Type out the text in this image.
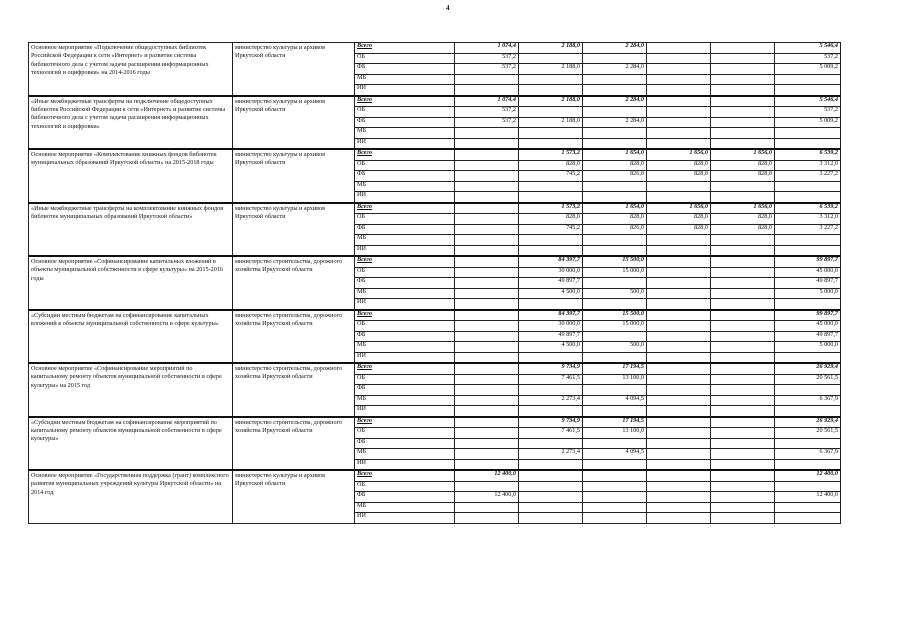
4
Основное мероприятие «Подключение общедоступных библиотек Российской Федерации к сети «Интернет» и развитие системы библиотечного дела с учетом задачи расширения информационных технологий и оцифровки» на 2014-2016 годы	министерство культуры и архивов Иркутской области	Всего	1 074,4	2 188,0	2 284,0			5 546,4
		ОБ	537,2					537,2
		ФБ	537,2	2 188,0	2 284,0			5 009,2
		МБ						
		ИИ						
«Иные межбюджетные трансферты на подключение общедоступных библиотек Российской Федерации к сети «Интернет» и развитие системы библиотечного дела с учетом задачи расширения информационных технологий и оцифровки»	министерство культуры и архивов Иркутской области	Всего	1 074,4	2 188,0	2 284,0			5 546,4
		ОБ	537,2					537,2
		ФБ	537,2	2 188,0	2 284,0			5 009,2
		МБ						
		ИИ						
Основное мероприятие «Комплектование книжных фондов библиотек муниципальных образований Иркутской области» на 2015-2018 годы	министерство культуры и архивов Иркутской области	Всего		1 573,2	1 654,0	1 656,0	1 656,0	6 539,2
		ОБ		828,0	828,0	828,0	828,0	3 312,0
		ФБ		745,2	826,0	828,0	828,0	3 227,2
		МБ						
		ИИ						
«Иные межбюджетные трансферты на комплектование книжных фондов библиотек муниципальных образований Иркутской области»	министерство культуры и архивов Иркутской области	Всего		1 573,2	1 654,0	1 656,0	1 656,0	6 539,2
		ОБ		828,0	828,0	828,0	828,0	3 312,0
		ФБ		745,2	826,0	828,0	828,0	3 227,2
		МБ						
		ИИ						
Основное мероприятие «Софинансирование капитальных вложений в объекты муниципальной собственности в сфере культуры» на 2015-2016 годы	министерство строительства, дорожного хозяйства Иркутской области	Всего		84 397,7	15 500,0			99 897,7
		ОБ		30 000,0	15 000,0			45 000,0
		ФБ		49 897,7				49 897,7
		МБ		4 500,0	500,0			5 000,0
		ИИ						
«Субсидии местным бюджетам на софинансирование капитальных вложений в объекты муниципальной собственности в сфере культуры»	министерство строительства, дорожного хозяйства Иркутской области	Всего		84 397,7	15 500,0			99 897,7
		ОБ		30 000,0	15 000,0			45 000,0
		ФБ		49 897,7				49 897,7
		МБ		4 500,0	500,0			5 000,0
		ИИ						
Основное мероприятие «Софинансирование мероприятий по капитальному ремонту объектов муниципальной собственности в сфере культуры» на 2015 год	министерство строительства, дорожного хозяйства Иркутской области	Всего		9 734,9	17 194,5			26 929,4
		ОБ		7 461,5	13 100,0			20 561,5
		ФБ						
		МБ		2 273,4	4 094,5			6 367,9
		ИИ						
«Субсидии местным бюджетам на софинансирование мероприятий по капитальному ремонту объектов муниципальной собственности в сфере культуры»	министерство строительства, дорожного хозяйства Иркутской области	Всего		9 734,9	17 194,5			26 929,4
		ОБ		7 461,5	13 100,0			20 561,5
		ФБ						
		МБ		2 273,4	4 094,5			6 367,9
		ИИ						
Основное мероприятие «Государственная поддержка (грант) комплексного развития муниципальных учреждений культуры Иркутской области» на 2014 год	министерство культуры и архивов Иркутской области	Всего	12 400,0					12 400,0
		ОБ						
		ФБ	12 400,0					12 400,0
		МБ						
		ИИ						
